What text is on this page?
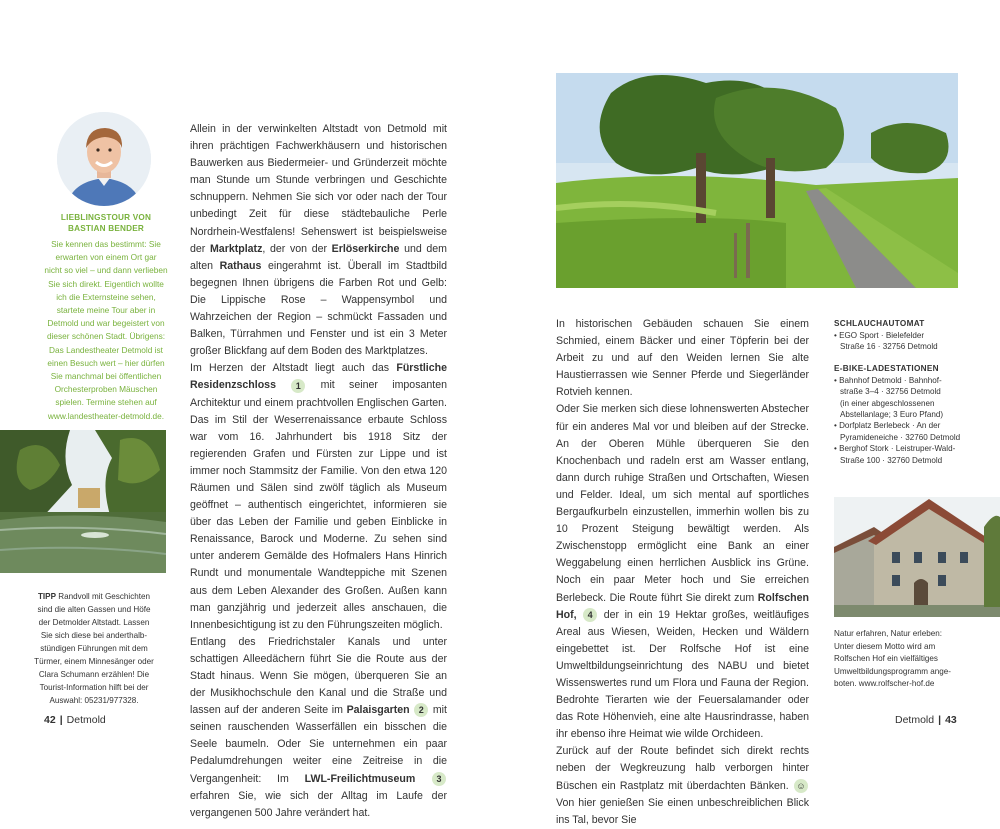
LIEBLINGSTOUR VON
BASTIAN BENDER
Sie kennen das bestimmt: Sie
erwarten von einem Ort gar
nicht so viel – und dann verlieben
Sie sich direkt. Eigentlich wollte
ich die Externsteine sehen,
startete meine Tour aber in
Detmold und war begeistert von
dieser schönen Stadt. Übrigens:
Das Landestheater Detmold ist
einen Besuch wert – hier dürfen
Sie manchmal bei öffentlichen
Orchesterproben Mäuschen
spielen. Termine stehen auf
www.landestheater-detmold.de.
TIPP Randvoll mit Geschichten
sind die alten Gassen und Höfe
der Detmolder Altstadt. Lassen
Sie sich diese bei anderthalb-
stündigen Führungen mit dem
Türmer, einem Minnesänger oder
Clara Schumann erzählen! Die
Tourist-Information hilft bei der
Auswahl: 05231/977328.
Allein in der verwinkelten Altstadt von Detmold mit ihren prächtigen Fachwerkhäusern und historischen Bauwerken aus Biedermeier- und Gründerzeit möchte man Stunde um Stunde verbringen und Geschichte schnuppern. Nehmen Sie sich vor oder nach der Tour unbedingt Zeit für diese städtebauliche Perle Nordrhein-Westfalens! Sehenswert ist beispielsweise der Marktplatz, der von der Erlöserkirche und dem alten Rathaus eingerahmt ist. Überall im Stadtbild begegnen Ihnen übrigens die Farben Rot und Gelb: Die Lippische Rose – Wappensymbol und Wahrzeichen der Region – schmückt Fassaden und Balken, Türrahmen und Fenster und ist ein 3 Meter großer Blickfang auf dem Boden des Marktplatzes.
Im Herzen der Altstadt liegt auch das Fürstliche Residenzschloss 1 mit seiner imposanten Architektur und einem prachtvollen Englischen Garten. Das im Stil der Weserrenaissance erbaute Schloss war vom 16. Jahrhundert bis 1918 Sitz der regierenden Grafen und Fürsten zur Lippe und ist immer noch Stammsitz der Familie. Von den etwa 120 Räumen und Sälen sind zwölf täglich als Museum geöffnet – authentisch eingerichtet, informieren sie über das Leben der Familie und geben Einblicke in Renaissance, Barock und Moderne. Zu sehen sind unter anderem Gemälde des Hofmalers Hans Hinrich Rundt und monumentale Wandteppiche mit Szenen aus dem Leben Alexander des Großen. Außen kann man ganzjährig und jederzeit alles anschauen, die Innenbesichtigung ist zu den Führungszeiten möglich.
Entlang des Friedrichstaler Kanals und unter schattigen Alleedächern führt Sie die Route aus der Stadt hinaus. Wenn Sie mögen, überqueren Sie an der Musikhochschule den Kanal und die Straße und lassen auf der anderen Seite im Palaisgarten 2 mit seinen rauschenden Wasserfällen ein bisschen die Seele baumeln. Oder Sie unternehmen ein paar Pedalumdrehungen weiter eine Zeitreise in die Vergangenheit: Im LWL-Freilichtmuseum 3 erfahren Sie, wie sich der Alltag im Laufe der vergangenen 500 Jahre verändert hat.
In historischen Gebäuden schauen Sie einem Schmied, einem Bäcker und einer Töpferin bei der Arbeit zu und auf den Weiden lernen Sie alte Haustierrassen wie Senner Pferde und Siegerländer Rotvieh kennen.
Oder Sie merken sich diese lohnenswerten Abstecher für ein anderes Mal vor und bleiben auf der Strecke. An der Oberen Mühle überqueren Sie den Knochenbach und radeln erst am Wasser entlang, dann durch ruhige Straßen und Ortschaften, Wiesen und Felder. Ideal, um sich mental auf sportliches Bergaufkurbeln einzustellen, immerhin wollen bis zu 10 Prozent Steigung bewältigt werden. Als Zwischenstopp ermöglicht eine Bank an einer Weggabelung einen herrlichen Ausblick ins Grüne. Noch ein paar Meter hoch und Sie erreichen Berlebeck. Die Route führt Sie direkt zum Rolfschen Hof, 4 der in ein 19 Hektar großes, weitläufiges Areal aus Wiesen, Weiden, Hecken und Wäldern eingebettet ist. Der Rolfsche Hof ist eine Umweltbildungseinrichtung des NABU und bietet Wissenswertes rund um Flora und Fauna der Region. Bedrohte Tierarten wie der Feuersalamander oder das Rote Höhenvieh, eine alte Hausrindrasse, haben ihr ebenso ihre Heimat wie wilde Orchideen.
Zurück auf der Route befindet sich direkt rechts neben der Wegkreuzung halb verborgen hinter Büschen ein Rastplatz mit überdachten Bänken. ☺ Von hier genießen Sie einen unbeschreiblichen Blick ins Tal, bevor Sie
SCHLAUCHAUTOMAT
• EGO Sport · Bielefelder
Straße 16 · 32756 Detmold
E-BIKE-LADESTATIONEN
• Bahnhof Detmold · Bahnhof-
straße 3–4 · 32756 Detmold
(in einer abgeschlossenen
Abstellanlage; 3 Euro Pfand)
• Dorfplatz Berlebeck · An der
Pyramideneiche · 32760 Detmold
• Berghof Stork · Leistruper-Wald-
Straße 100 · 32760 Detmold
Natur erfahren, Natur erleben:
Unter diesem Motto wird am
Rolfschen Hof ein vielfältiges
Umweltbildungsprogramm ange-
boten. www.rolfscher-hof.de
42 | Detmold	Detmold | 43
